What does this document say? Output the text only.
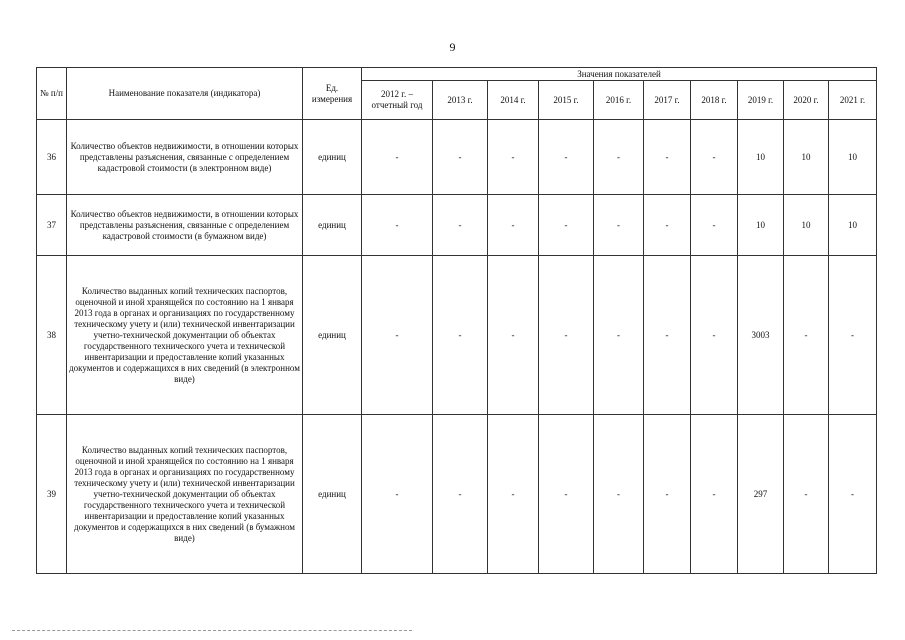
9
№ п/п	Наименование показателя (индикатора)	Ед. измерения	Значения показателей									
			2012 г. – отчетный год	2013 г.	2014 г.	2015 г.	2016 г.	2017 г.	2018 г.	2019 г.	2020 г.	2021 г.
36	Количество объектов недвижимости, в отношении которых представлены разъяснения, связанные с определением кадастровой стоимости (в электронном виде)	единиц	-	-	-	-	-	-	-	10	10	10
37	Количество объектов недвижимости, в отношении которых представлены разъяснения, связанные с определением кадастровой стоимости (в бумажном виде)	единиц	-	-	-	-	-	-	-	10	10	10
38	Количество выданных копий технических паспортов, оценочной и иной хранящейся по состоянию на 1 января 2013 года в органах и организациях по государственному техническому учету и (или) технической инвентаризации учетно-технической документации об объектах государственного технического учета и технической инвентаризации и предоставление копий указанных документов и содержащихся в них сведений (в электронном виде)	единиц	-	-	-	-	-	-	-	3003	-	-
39	Количество выданных копий технических паспортов, оценочной и иной хранящейся по состоянию на 1 января 2013 года в органах и организациях по государственному техническому учету и (или) технической инвентаризации учетно-технической документации об объектах государственного технического учета и технической инвентаризации и предоставление копий указанных документов и содержащихся в них сведений (в бумажном виде)	единиц	-	-	-	-	-	-	-	297	-	-
